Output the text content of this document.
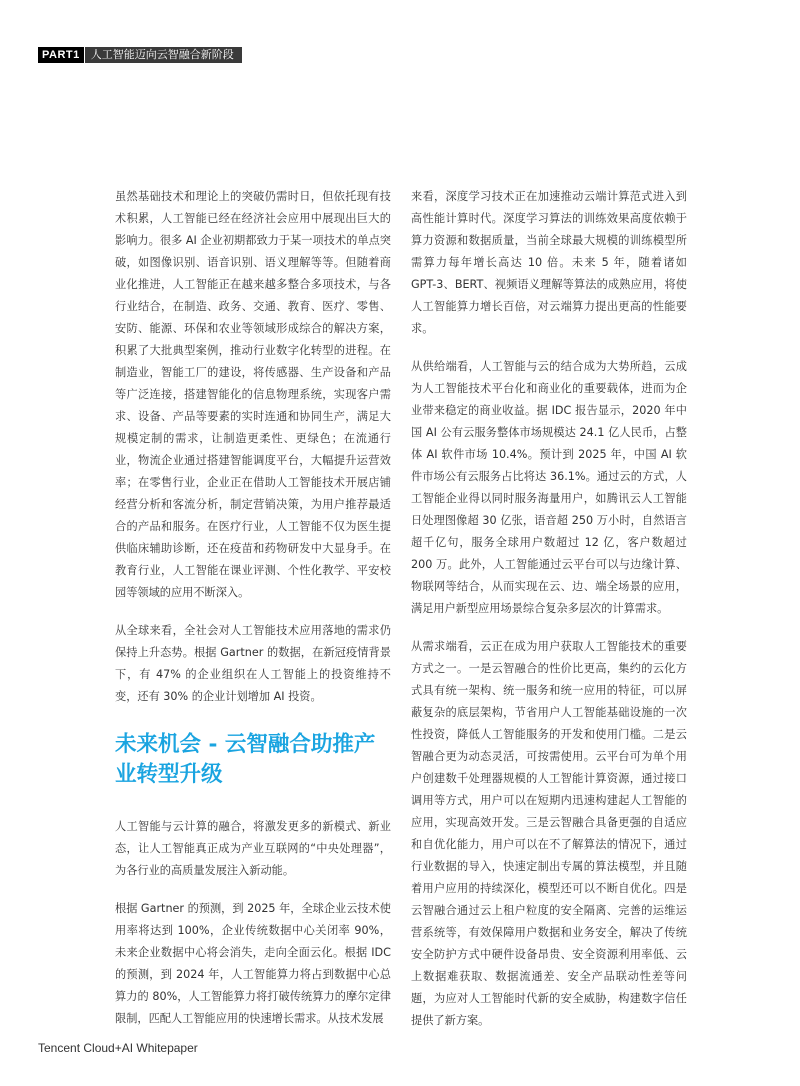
PART1	人工智能迈向云智融合新阶段

虽然基础技术和理论上的突破仍需时日，但依托现有技术积累，人工智能已经在经济社会应用中展现出巨大的影响力。很多 AI 企业初期都致力于某一项技术的单点突破，如图像识别、语音识别、语义理解等等。但随着商业化推进，人工智能正在越来越多整合多项技术，与各行业结合，在制造、政务、交通、教育、医疗、零售、安防、能源、环保和农业等领域形成综合的解决方案，积累了大批典型案例，推动行业数字化转型的进程。在制造业，智能工厂的建设，将传感器、生产设备和产品等广泛连接，搭建智能化的信息物理系统，实现客户需求、设备、产品等要素的实时连通和协同生产，满足大规模定制的需求，让制造更柔性、更绿色；在流通行业，物流企业通过搭建智能调度平台，大幅提升运营效率；在零售行业，企业正在借助人工智能技术开展店铺经营分析和客流分析，制定营销决策，为用户推荐最适合的产品和服务。在医疗行业，人工智能不仅为医生提供临床辅助诊断，还在疫苗和药物研发中大显身手。在教育行业，人工智能在课业评测、个性化教学、平安校园等领域的应用不断深入。

从全球来看，全社会对人工智能技术应用落地的需求仍保持上升态势。根据 Gartner 的数据，在新冠疫情背景下，有 47% 的企业组织在人工智能上的投资维持不变，还有 30% 的企业计划增加 AI 投资。

未来机会 - 云智融合助推产业转型升级

人工智能与云计算的融合，将激发更多的新模式、新业态，让人工智能真正成为产业互联网的“中央处理器”，为各行业的高质量发展注入新动能。

根据 Gartner 的预测，到 2025 年，全球企业云技术使用率将达到 100%，企业传统数据中心关闭率 90%，未来企业数据中心将会消失，走向全面云化。根据 IDC 的预测，到 2024 年，人工智能算力将占到数据中心总算力的 80%，人工智能算力将打破传统算力的摩尔定律限制，匹配人工智能应用的快速增长需求。从技术发展

来看，深度学习技术正在加速推动云端计算范式进入到高性能计算时代。深度学习算法的训练效果高度依赖于算力资源和数据质量，当前全球最大规模的训练模型所需算力每年增长高达 10 倍。未来 5 年，随着诸如 GPT-3、BERT、视频语义理解等算法的成熟应用，将使人工智能算力增长百倍，对云端算力提出更高的性能要求。

从供给端看，人工智能与云的结合成为大势所趋，云成为人工智能技术平台化和商业化的重要载体，进而为企业带来稳定的商业收益。据 IDC 报告显示，2020 年中国 AI 公有云服务整体市场规模达 24.1 亿人民币，占整体 AI 软件市场 10.4%。预计到 2025 年，中国 AI 软件市场公有云服务占比将达 36.1%。通过云的方式，人工智能企业得以同时服务海量用户，如腾讯云人工智能日处理图像超 30 亿张，语音超 250 万小时，自然语言超千亿句，服务全球用户数超过 12 亿，客户数超过 200 万。此外，人工智能通过云平台可以与边缘计算、物联网等结合，从而实现在云、边、端全场景的应用，满足用户新型应用场景综合复杂多层次的计算需求。

从需求端看，云正在成为用户获取人工智能技术的重要方式之一。一是云智融合的性价比更高，集约的云化方式具有统一架构、统一服务和统一应用的特征，可以屏蔽复杂的底层架构，节省用户人工智能基础设施的一次性投资，降低人工智能服务的开发和使用门槛。二是云智融合更为动态灵活，可按需使用。云平台可为单个用户创建数千处理器规模的人工智能计算资源，通过接口调用等方式，用户可以在短期内迅速构建起人工智能的应用，实现高效开发。三是云智融合具备更强的自适应和自优化能力，用户可以在不了解算法的情况下，通过行业数据的导入，快速定制出专属的算法模型，并且随着用户应用的持续深化，模型还可以不断自优化。四是云智融合通过云上租户粒度的安全隔离、完善的运维运营系统等，有效保障用户数据和业务安全，解决了传统安全防护方式中硬件设备昂贵、安全资源利用率低、云上数据难获取、数据流通差、安全产品联动性差等问题，为应对人工智能时代新的安全威胁，构建数字信任提供了新方案。

Tencent Cloud+AI Whitepaper
